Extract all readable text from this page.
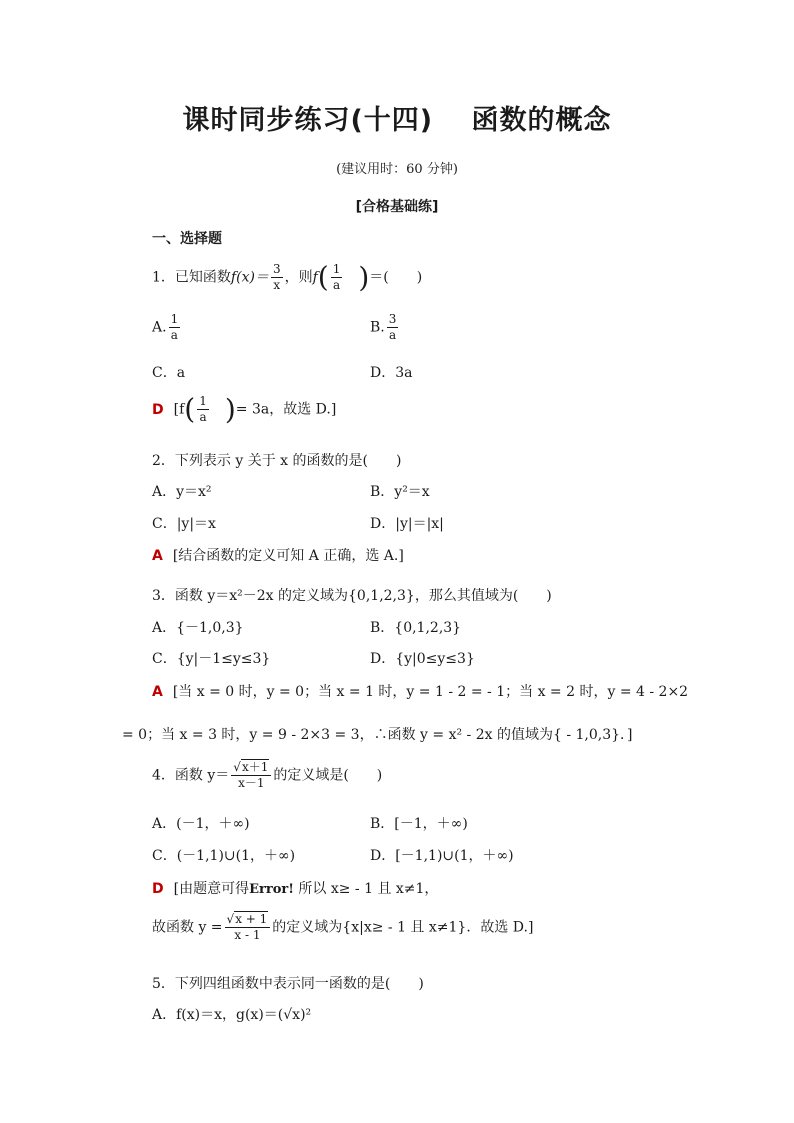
课时同步练习(十四)　 函数的概念
(建议用时：60 分钟)
[合格基础练]
一、选择题
1．已知函数$f(x)= \frac{3}{x}$ ，则$f( \frac{1}{a}$ )＝(　　)
A. $\frac{1}{a}$	B. $\frac{3}{a}$
C．a	D．3a
D [$f( \frac{1}{a}$ )= 3a，故选 D.]
2．下列表示 y 关于 x 的函数的是(　　)
A．y＝x²	B．y²＝x
C．|y|＝x	D．|y|＝|x|
A [结合函数的定义可知 A 正确，选 A.]
3．函数 y＝x²－2x 的定义域为{0,1,2,3}，那么其值域为(　　)
A．{－1,0,3}	B．{0,1,2,3}
C．{y|－1≤y≤3}	D．{y|0≤y≤3}
A [当 x = 0 时，y = 0；当 x = 1 时，y = 1 - 2 = - 1；当 x = 2 时，y = 4 - 2×2
= 0；当 x = 3 时，y = 9 - 2×3 = 3，∴函数 y = x² - 2x 的值域为{ - 1,0,3}．]
4．函数 $y= \frac{√x+1}{x-1}$ 的定义域是(　　)
A．(－1，＋∞)	B．[－1，＋∞)
C．(－1,1)∪(1，＋∞)	D．[－1,1)∪(1，＋∞)
D [由题意可得Error! 所以 x≥ - 1 且 x≠1，
故函数 $y = \frac{√x + 1}{x - 1}$ 的定义域为{x|x≥ - 1 且 x≠1}．故选 D.]
5．下列四组函数中表示同一函数的是(　　)
A．f(x)＝x，g(x)＝(√x)²
